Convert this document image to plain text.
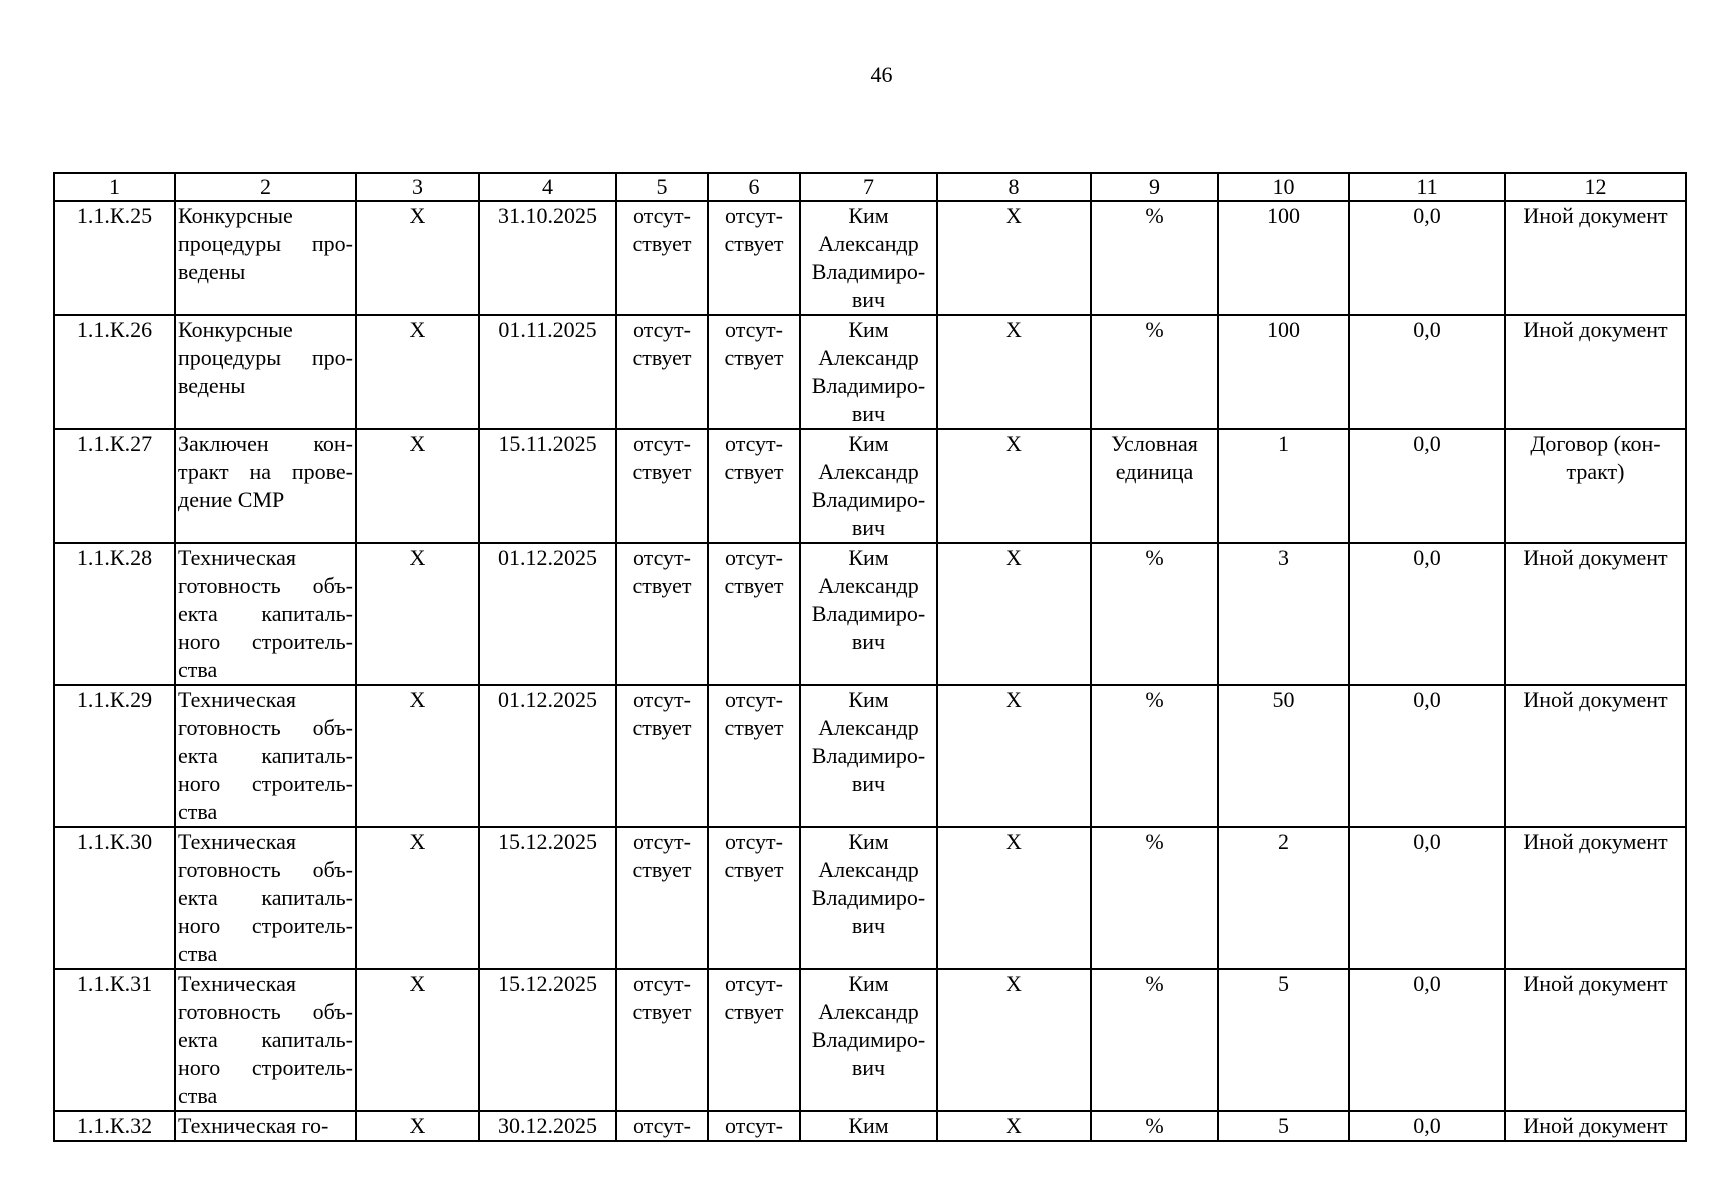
46
1	2	3	4	5	6	7	8	9	10	11	12
1.1.К.25	Конкурсные процедуры про-ведены	X	31.10.2025	отсут-ствует	отсут-ствует	Ким Александр Владимиро-вич	X	%	100	0,0	Иной документ
1.1.К.26	Конкурсные процедуры про-ведены	X	01.11.2025	отсут-ствует	отсут-ствует	Ким Александр Владимиро-вич	X	%	100	0,0	Иной документ
1.1.К.27	Заключен кон-тракт на прове-дение СМР	X	15.11.2025	отсут-ствует	отсут-ствует	Ким Александр Владимиро-вич	X	Условная единица	1	0,0	Договор (кон-тракт)
1.1.К.28	Техническая готовность объ-екта капиталь-ного строитель-ства	X	01.12.2025	отсут-ствует	отсут-ствует	Ким Александр Владимиро-вич	X	%	3	0,0	Иной документ
1.1.К.29	Техническая готовность объ-екта капиталь-ного строитель-ства	X	01.12.2025	отсут-ствует	отсут-ствует	Ким Александр Владимиро-вич	X	%	50	0,0	Иной документ
1.1.К.30	Техническая готовность объ-екта капиталь-ного строитель-ства	X	15.12.2025	отсут-ствует	отсут-ствует	Ким Александр Владимиро-вич	X	%	2	0,0	Иной документ
1.1.К.31	Техническая готовность объ-екта капиталь-ного строитель-ства	X	15.12.2025	отсут-ствует	отсут-ствует	Ким Александр Владимиро-вич	X	%	5	0,0	Иной документ
1.1.К.32	Техническая го-	X	30.12.2025	отсут-	отсут-	Ким	X	%	5	0,0	Иной документ
